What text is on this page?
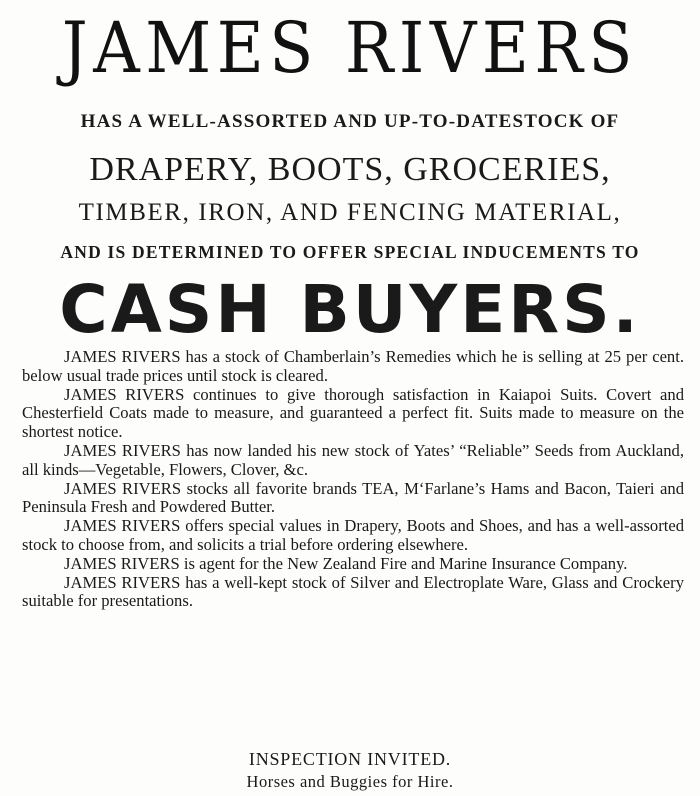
JAMES RIVERS
HAS A WELL-ASSORTED AND UP-TO-DATESTOCK OF
DRAPERY, BOOTS, GROCERIES,
TIMBER, IRON, AND FENCING MATERIAL,
AND IS DETERMINED TO OFFER SPECIAL INDUCEMENTS TO
CASH BUYERS.

JAMES RIVERS has a stock of Chamberlain’s Remedies which he is selling at 25 per cent. below usual trade prices until stock is cleared.

JAMES RIVERS continues to give thorough satisfaction in Kaiapoi Suits. Covert and Chesterfield Coats made to measure, and guaranteed a perfect fit. Suits made to measure on the shortest notice.

JAMES RIVERS has now landed his new stock of Yates’ “Reliable” Seeds from Auckland, all kinds—Vegetable, Flowers, Clover, &c.

JAMES RIVERS stocks all favorite brands TEA, M‘Farlane’s Hams and Bacon, Taieri and Peninsula Fresh and Powdered Butter.

JAMES RIVERS offers special values in Drapery, Boots and Shoes, and has a well-assorted stock to choose from, and solicits a trial before ordering elsewhere.

JAMES RIVERS is agent for the New Zealand Fire and Marine Insurance Company.

JAMES RIVERS has a well-kept stock of Silver and Electroplate Ware, Glass and Crockery suitable for presentations.

INSPECTION INVITED.
Horses and Buggies for Hire.
